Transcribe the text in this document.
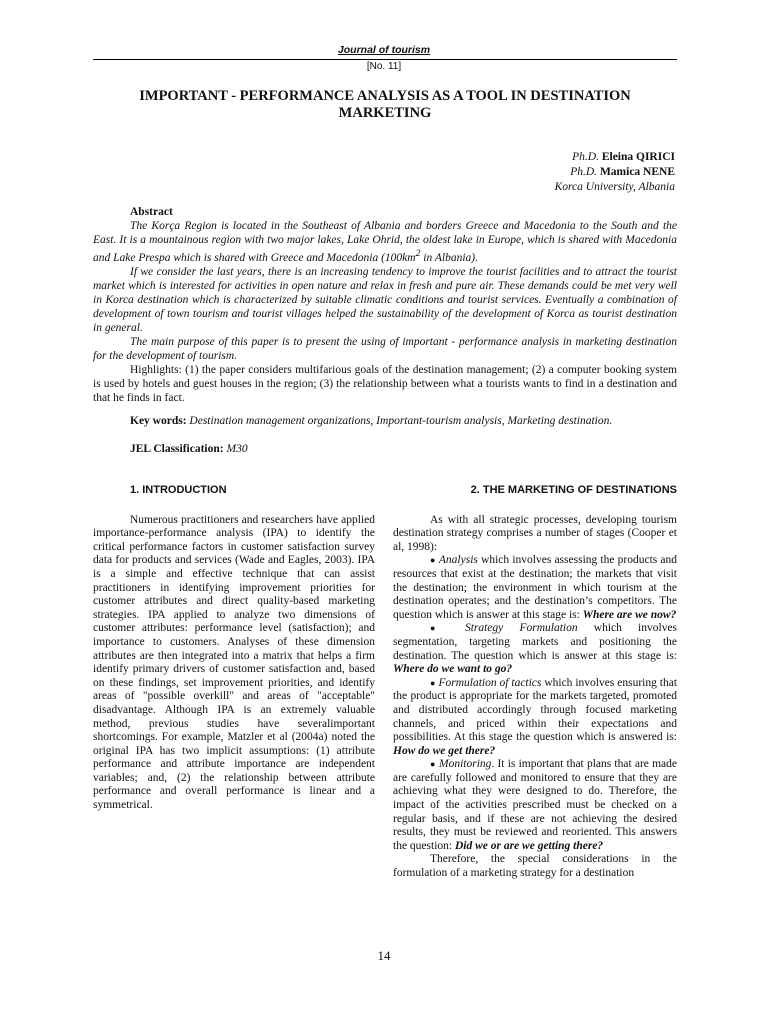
Journal of tourism
[No. 11]
IMPORTANT - PERFORMANCE ANALYSIS AS A TOOL IN DESTINATION MARKETING
Ph.D. Eleina QIRICI
Ph.D. Mamica NENE
Korca University, Albania
Abstract

The Korça Region is located in the Southeast of Albania and borders Greece and Macedonia to the South and the East. It is a mountainous region with two major lakes, Lake Ohrid, the oldest lake in Europe, which is shared with Macedonia and Lake Prespa which is shared with Greece and Macedonia ($100km^2$ in Albania).

If we consider the last years, there is an increasing tendency to improve the tourist facilities and to attract the tourist market which is interested for activities in open nature and relax in fresh and pure air. These demands could be met very well in Korca destination which is characterized by suitable climatic conditions and tourist services. Eventually a combination of development of town tourism and tourist villages helped the sustainability of the development of Korca as tourist destination in general.

The main purpose of this paper is to present the using of important - performance analysis in marketing destination for the development of tourism.

Highlights: (1) the paper considers multifarious goals of the destination management; (2) a computer booking system is used by hotels and guest houses in the region; (3) the relationship between what a tourists wants to find in a destination and that he finds in fact.

Key words: Destination management organizations, Important-tourism analysis, Marketing destination.
JEL Classification: M30
1. INTRODUCTION

Numerous practitioners and researchers have applied importance-performance analysis (IPA) to identify the critical performance factors in customer satisfaction survey data for products and services (Wade and Eagles, 2003). IPA is a simple and effective technique that can assist practitioners in identifying improvement priorities for customer attributes and direct quality-based marketing strategies. IPA applied to analyze two dimensions of customer attributes: performance level (satisfaction); and importance to customers. Analyses of these dimension attributes are then integrated into a matrix that helps a firm identify primary drivers of customer satisfaction and, based on these findings, set improvement priorities, and identify areas of "possible overkill" and areas of "acceptable" disadvantage. Although IPA is an extremely valuable method, previous studies have severalimportant shortcomings. For example, Matzler et al (2004a) noted the original IPA has two implicit assumptions: (1) attribute performance and attribute importance are independent variables; and, (2) the relationship between attribute performance and overall performance is linear and a symmetrical.

2. THE MARKETING OF DESTINATIONS

As with all strategic processes, developing tourism destination strategy comprises a number of stages (Cooper et al, 1998):

● Analysis which involves assessing the products and resources that exist at the destination; the markets that visit the destination; the environment in which tourism at the destination operates; and the destination’s competitors. The question which is answer at this stage is: Where are we now?

● Strategy Formulation which involves segmentation, targeting markets and positioning the destination. The question which is answer at this stage is: Where do we want to go?

● Formulation of tactics which involves ensuring that the product is appropriate for the markets targeted, promoted and distributed accordingly through focused marketing channels, and priced within their expectations and possibilities. At this stage the question which is answered is: How do we get there?

● Monitoring. It is important that plans that are made are carefully followed and monitored to ensure that they are achieving what they were designed to do. Therefore, the impact of the activities prescribed must be checked on a regular basis, and if these are not achieving the desired results, they must be reviewed and reoriented. This answers the question: Did we or are we getting there?

Therefore, the special considerations in the formulation of a marketing strategy for a destination

14
